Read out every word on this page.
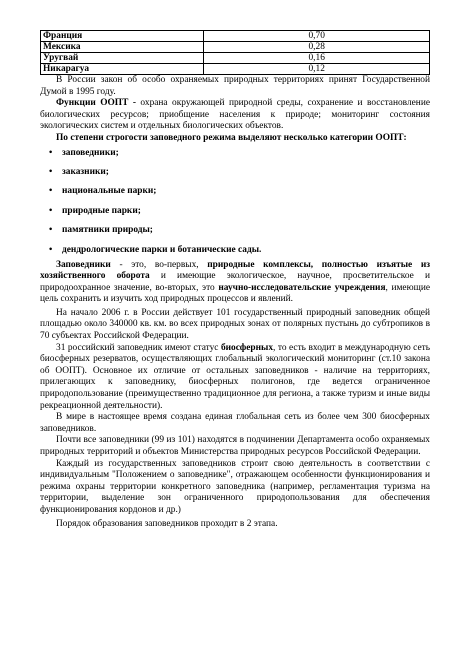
Франция	0,70
Мексика	0,28
Уругвай	0,16
Никарагуа	0,12

В России закон об особо охраняемых природных территориях принят Государственной Думой в 1995 году.

Функции ООПТ - охрана окружающей природной среды, сохранение и восстановление биологических ресурсов; приобщение населения к природе; мониторинг состояния экологических систем и отдельных биологических объектов.

По степени строгости заповедного режима выделяют несколько категории ООПТ:

• заповедники;
• заказники;
• национальные парки;
• природные парки;
• памятники природы;
• дендрологические парки и ботанические сады.

Заповедники - это, во-первых, природные комплексы, полностью изъятые из хозяйственного оборота и имеющие экологическое, научное, просветительское и природоохранное значение, во-вторых, это научно-исследовательские учреждения, имеющие цель сохранить и изучить ход природных процессов и явлений.

На начало 2006 г. в России действует 101 государственный природный заповедник общей площадью около 340000 кв. км. во всех природных зонах от полярных пустынь до субтропиков в 70 субъектах Российской Федерации.

31 российский заповедник имеют статус биосферных, то есть входит в международную сеть биосферных резерватов, осуществляющих глобальный экологический мониторинг (ст.10 закона об ООПТ). Основное их отличие от остальных заповедников - наличие на территориях, прилегающих к заповеднику, биосферных полигонов, где ведется ограниченное природопользование (преимущественно традиционное для региона, а также туризм и иные виды рекреационной деятельности).

В мире в настоящее время создана единая глобальная сеть из более чем 300 биосферных заповедников.

Почти все заповедники (99 из 101) находятся в подчинении Департамента особо охраняемых природных территорий и объектов Министерства природных ресурсов Российской Федерации.

Каждый из государственных заповедников строит свою деятельность в соответствии с индивидуальным "Положением о заповеднике", отражающем особенности функционирования и режима охраны территории конкретного заповедника (например, регламентация туризма на территории, выделение зон ограниченного природопользования для обеспечения функционирования кордонов и др.)

Порядок образования заповедников проходит в 2 этапа.
